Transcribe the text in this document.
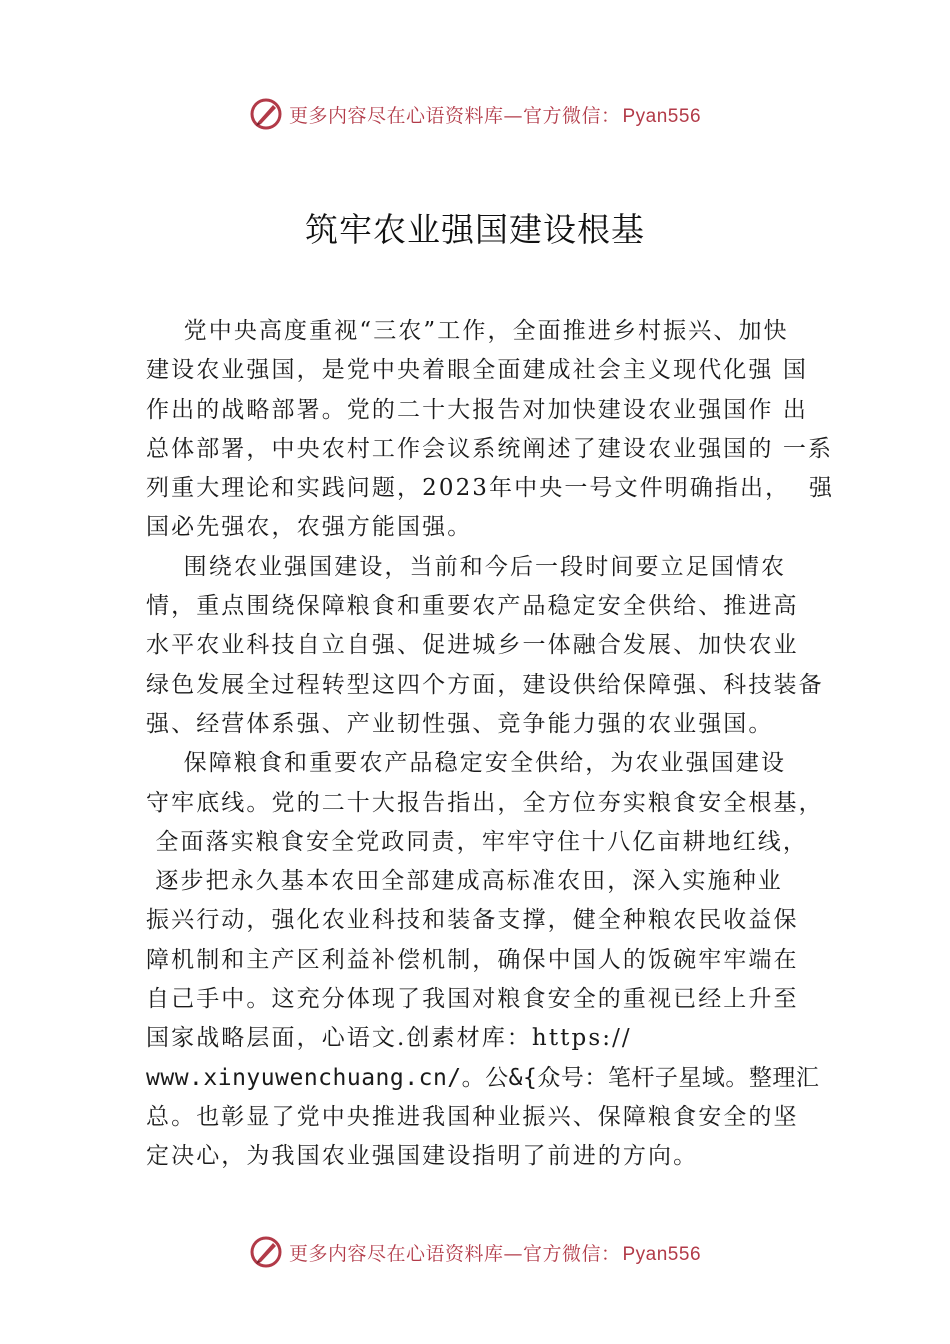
更多内容尽在心语资料库—官方微信： Pyan556
筑牢农业强国建设根基
党中央高度重视“三农”工作，全面推进乡村振兴、加快
建设农业强国，是党中央着眼全面建成社会主义现代化强 国
作出的战略部署。党的二十大报告对加快建设农业强国作 出
总体部署，中央农村工作会议系统阐述了建设农业强国的 一系
列重大理论和实践问题，2023年中央一号文件明确指出，  强
国必先强农，农强方能国强。
围绕农业强国建设，当前和今后一段时间要立足国情农
情，重点围绕保障粮食和重要农产品稳定安全供给、推进高
水平农业科技自立自强、促进城乡一体融合发展、加快农业
绿色发展全过程转型这四个方面，建设供给保障强、科技装备
强、经营体系强、产业韧性强、竞争能力强的农业强国。
保障粮食和重要农产品稳定安全供给，为农业强国建设
守牢底线。党的二十大报告指出，全方位夯实粮食安全根基，
全面落实粮食安全党政同责，牢牢守住十八亿亩耕地红线，
逐步把永久基本农田全部建成高标准农田，深入实施种业
振兴行动，强化农业科技和装备支撑，健全种粮农民收益保
障机制和主产区利益补偿机制，确保中国人的饭碗牢牢端在
自己手中。这充分体现了我国对粮食安全的重视已经上升至
国家战略层面，心语文.创素材库：https://
www.xinyuwenchuang.cn/。公&{众号：笔杆子星域。整理汇
总。也彰显了党中央推进我国种业振兴、保障粮食安全的坚
定决心，为我国农业强国建设指明了前进的方向。
更多内容尽在心语资料库—官方微信： Pyan556
